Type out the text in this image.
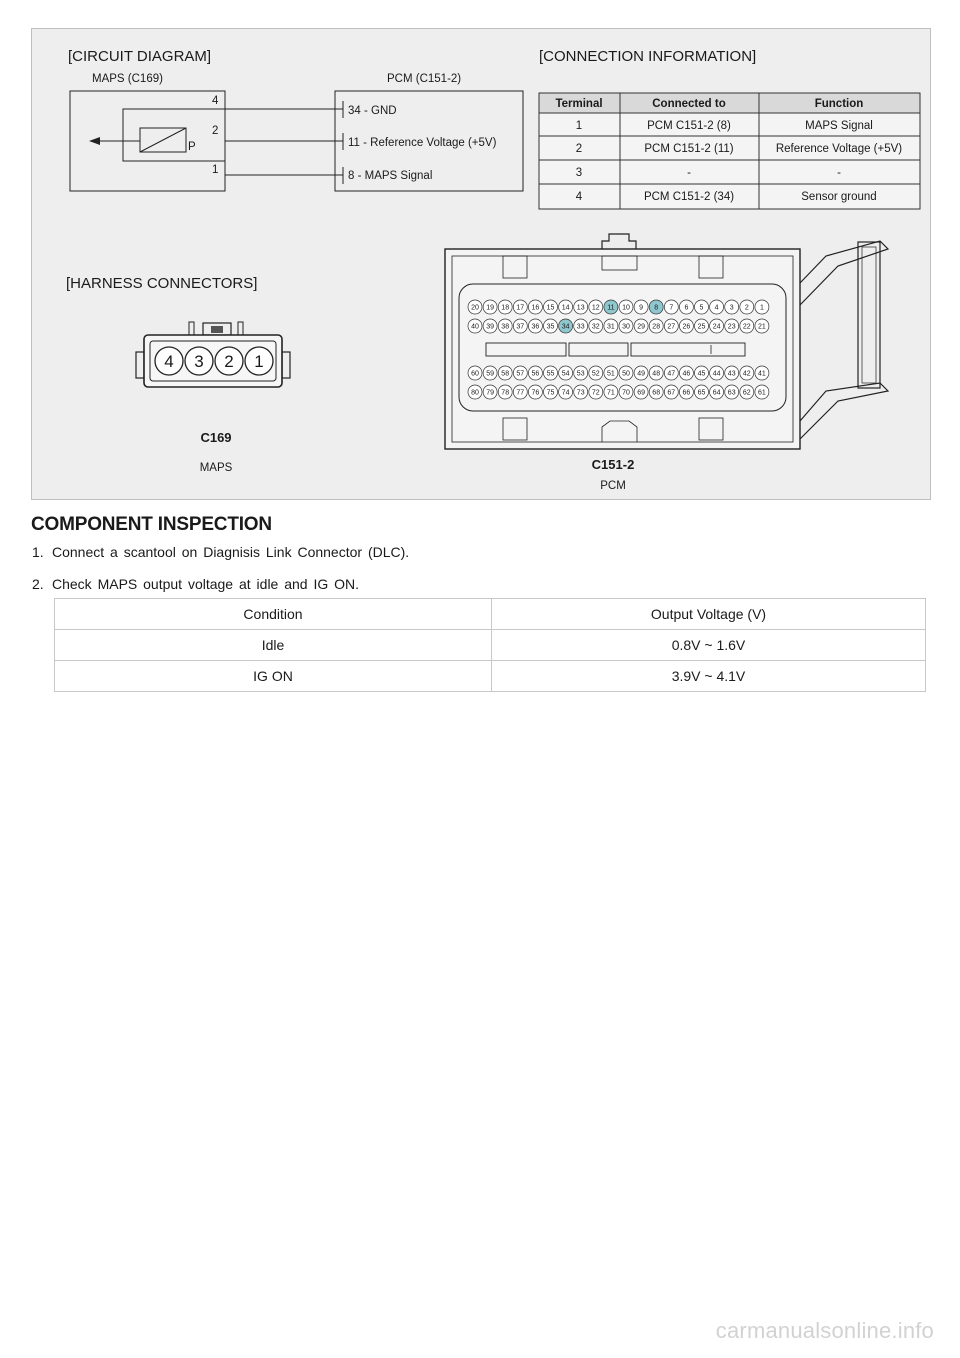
[CIRCUIT DIAGRAM]	[CONNECTION INFORMATION]
[HARNESS CONNECTORS]
MAPS (C169)	PCM (C151-2)
P
4
2
1
34 - GND
11 - Reference Voltage (+5V)
8 - MAPS Signal
Terminal	Connected to	Function
1	PCM C151-2 (8)	MAPS Signal
2	PCM C151-2 (11)	Reference Voltage (+5V)
3	-	-
4	PCM C151-2 (34)	Sensor ground
4 3 2 1
C169
MAPS
20 19 18 17 16 15 14 13 12 11 10 9 8 7 6 5 4 3 2 1
40 39 38 37 36 35 34 33 32 31 30 29 28 27 26 25 24 23 22 21
60 59 58 57 56 55 54 53 52 51 50 49 48 47 46 45 44 43 42 41
80 79 78 77 76 75 74 73 72 71 70 69 68 67 66 65 64 63 62 61
C151-2
PCM
COMPONENT INSPECTION
1. Connect a scantool on Diagnisis Link Connector (DLC).
2. Check MAPS output voltage at idle and IG ON.
Condition	Output Voltage (V)
Idle	0.8V ~ 1.6V
IG ON	3.9V ~ 4.1V
carmanualsonline.info
